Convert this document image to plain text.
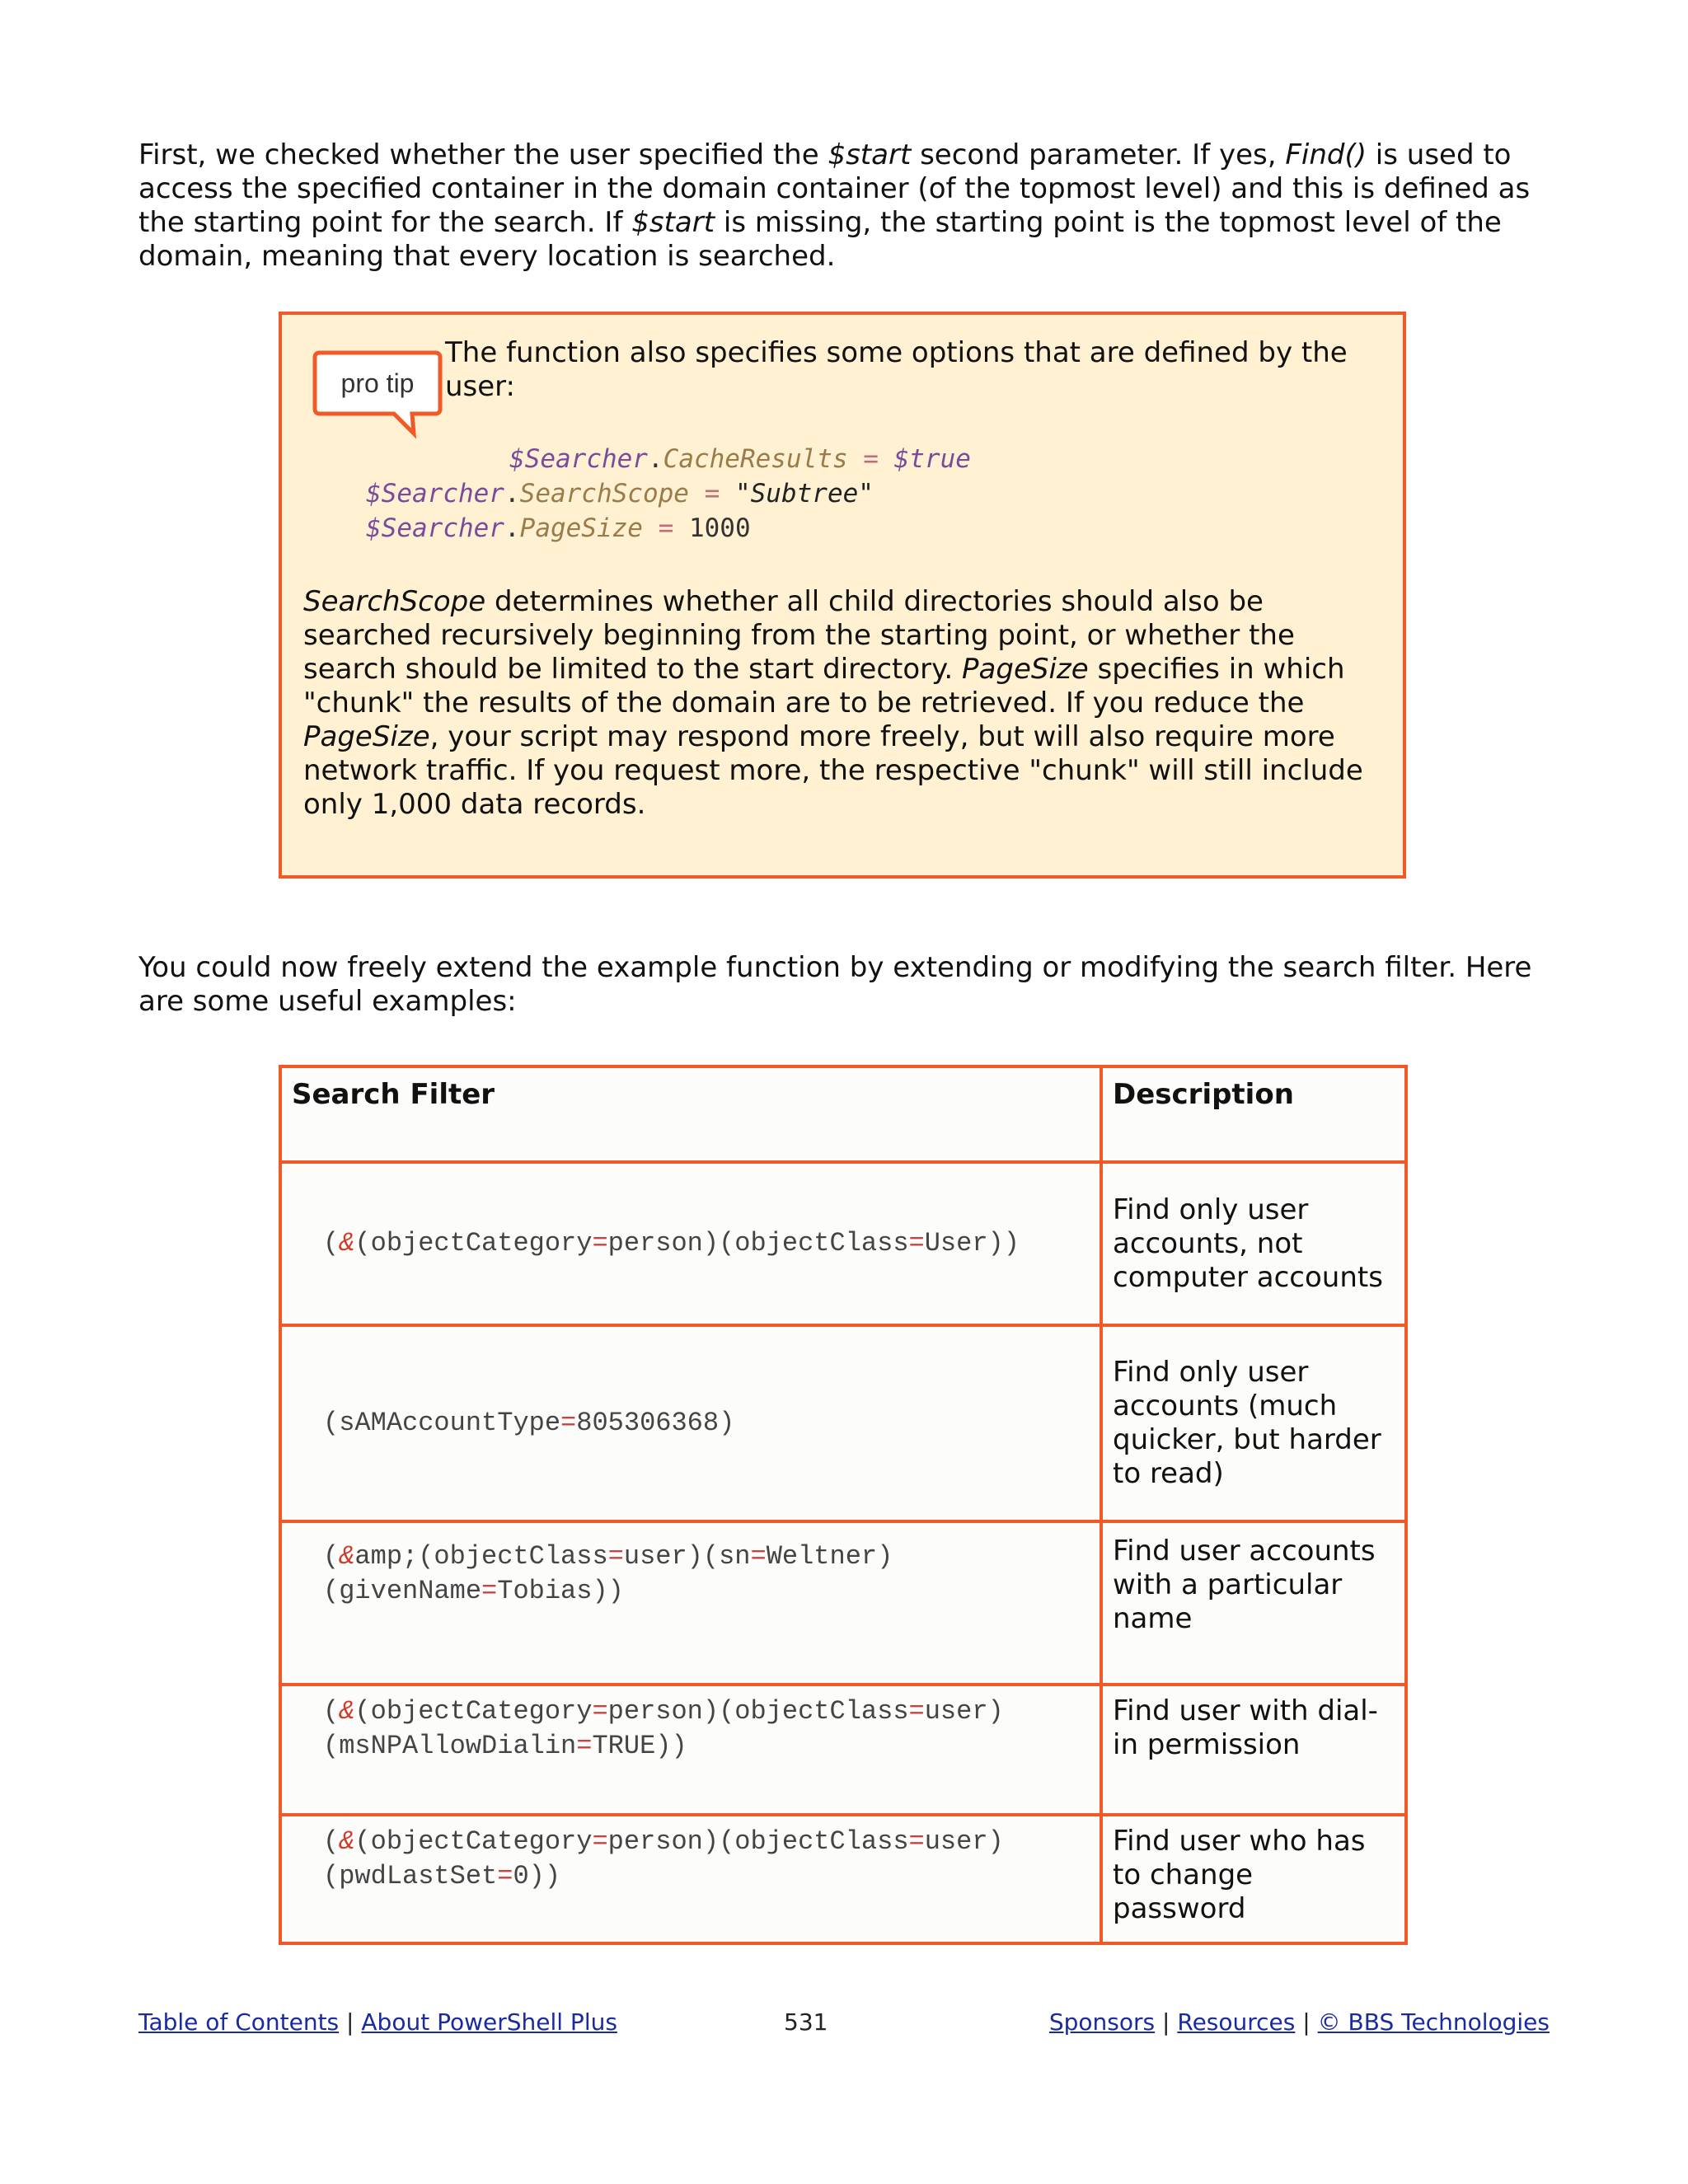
First, we checked whether the user specified the $start second parameter. If yes, Find() is used to access the specified container in the domain container (of the topmost level) and this is defined as the starting point for the search. If $start is missing, the starting point is the topmost level of the domain, meaning that every location is searched.

pro tip

The function also specifies some options that are defined by the user:

$Searcher.CacheResults = $true
$Searcher.SearchScope = "Subtree"
$Searcher.PageSize = 1000

SearchScope determines whether all child directories should also be searched recursively beginning from the starting point, or whether the search should be limited to the start directory. PageSize specifies in which "chunk" the results of the domain are to be retrieved. If you reduce the PageSize, your script may respond more freely, but will also require more network traffic. If you request more, the respective "chunk" will still include only 1,000 data records.

You could now freely extend the example function by extending or modifying the search filter. Here are some useful examples:

Search Filter	Description

(&(objectCategory=person)(objectClass=User))	Find only user accounts, not computer accounts

(sAMAccountType=805306368)	Find only user accounts (much quicker, but harder to read)

(&amp;(objectClass=user)(sn=Weltner)
(givenName=Tobias))	Find user accounts with a particular name

(&(objectCategory=person)(objectClass=user)
(msNPAllowDialin=TRUE))	Find user with dial-in permission

(&(objectCategory=person)(objectClass=user)
(pwdLastSet=0))	Find user who has to change password
Table of Contents | About PowerShell Plus	531	Sponsors | Resources | © BBS Technologies
